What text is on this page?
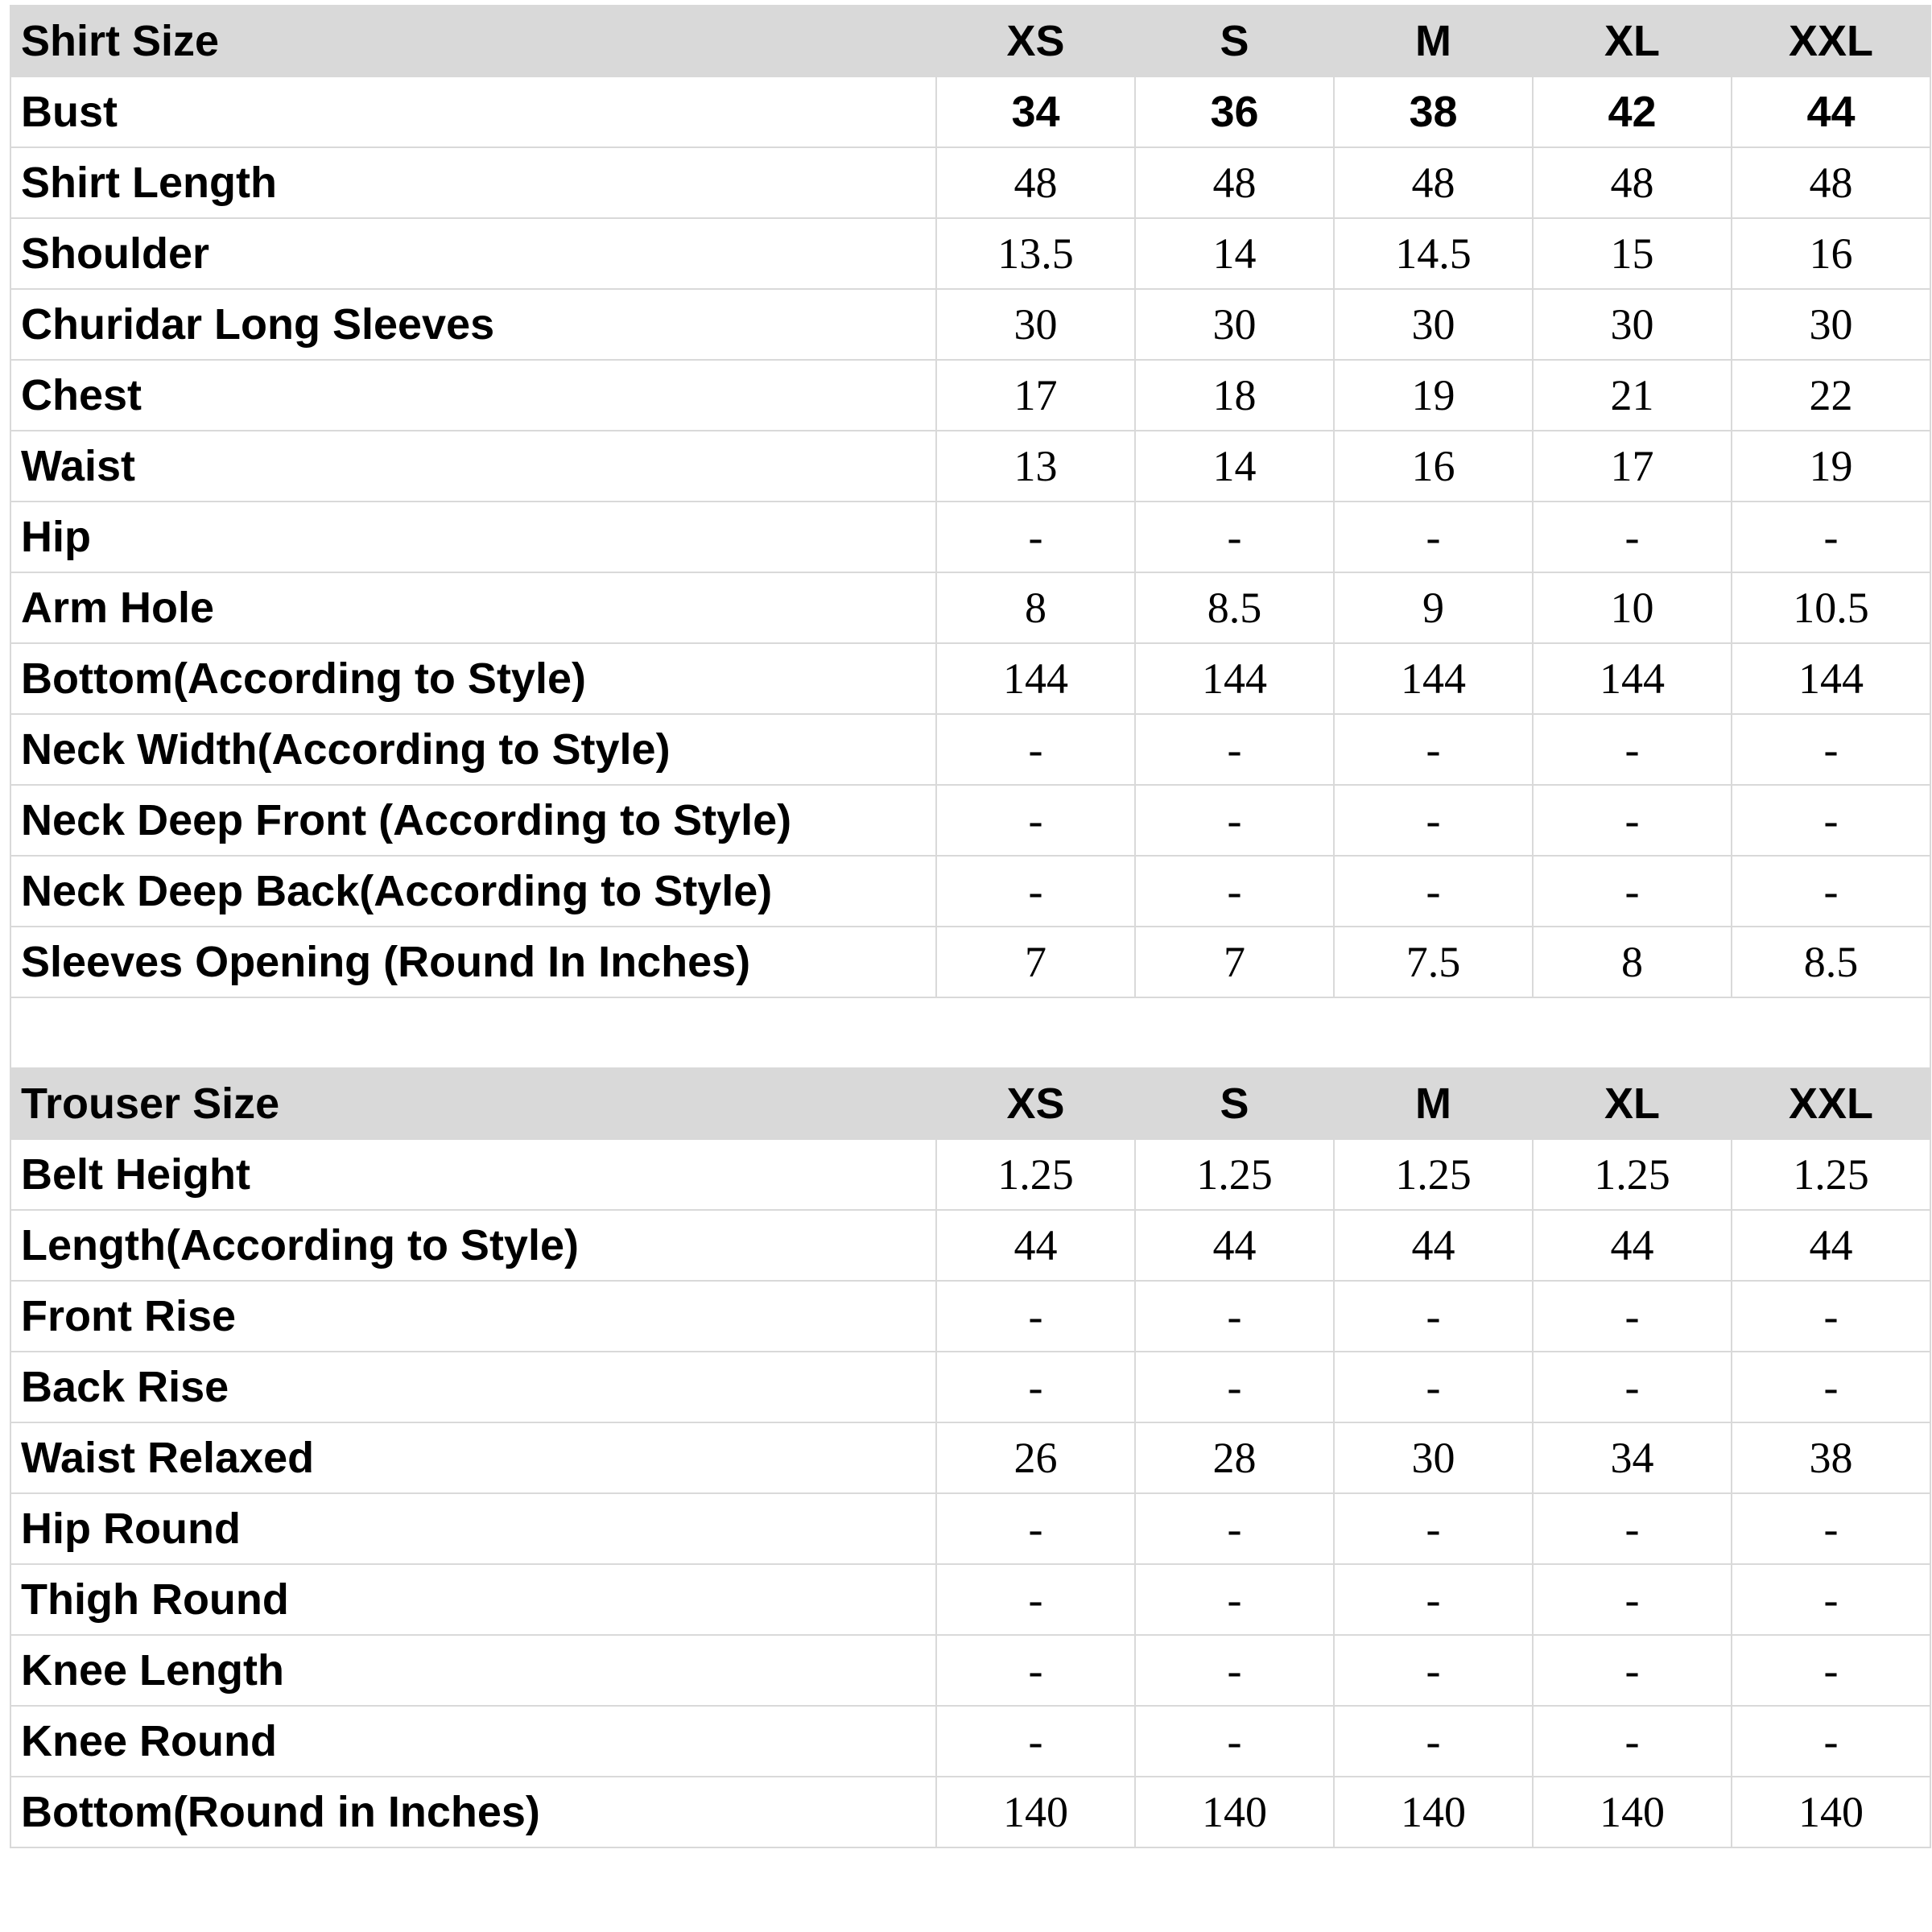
Shirt Size	XS	S	M	XL	XXL
Bust	34	36	38	42	44
Shirt Length	48	48	48	48	48
Shoulder	13.5	14	14.5	15	16
Churidar Long Sleeves	30	30	30	30	30
Chest	17	18	19	21	22
Waist	13	14	16	17	19
Hip	-	-	-	-	-
Arm Hole	8	8.5	9	10	10.5
Bottom(According to Style)	144	144	144	144	144
Neck Width(According to Style)	-	-	-	-	-
Neck Deep Front (According to Style)	-	-	-	-	-
Neck Deep Back(According to Style)	-	-	-	-	-
Sleeves Opening (Round In Inches)	7	7	7.5	8	8.5

Trouser Size	XS	S	M	XL	XXL
Belt Height	1.25	1.25	1.25	1.25	1.25
Length(According to Style)	44	44	44	44	44
Front Rise	-	-	-	-	-
Back Rise	-	-	-	-	-
Waist Relaxed	26	28	30	34	38
Hip Round	-	-	-	-	-
Thigh Round	-	-	-	-	-
Knee Length	-	-	-	-	-
Knee Round	-	-	-	-	-
Bottom(Round in Inches)	140	140	140	140	140
